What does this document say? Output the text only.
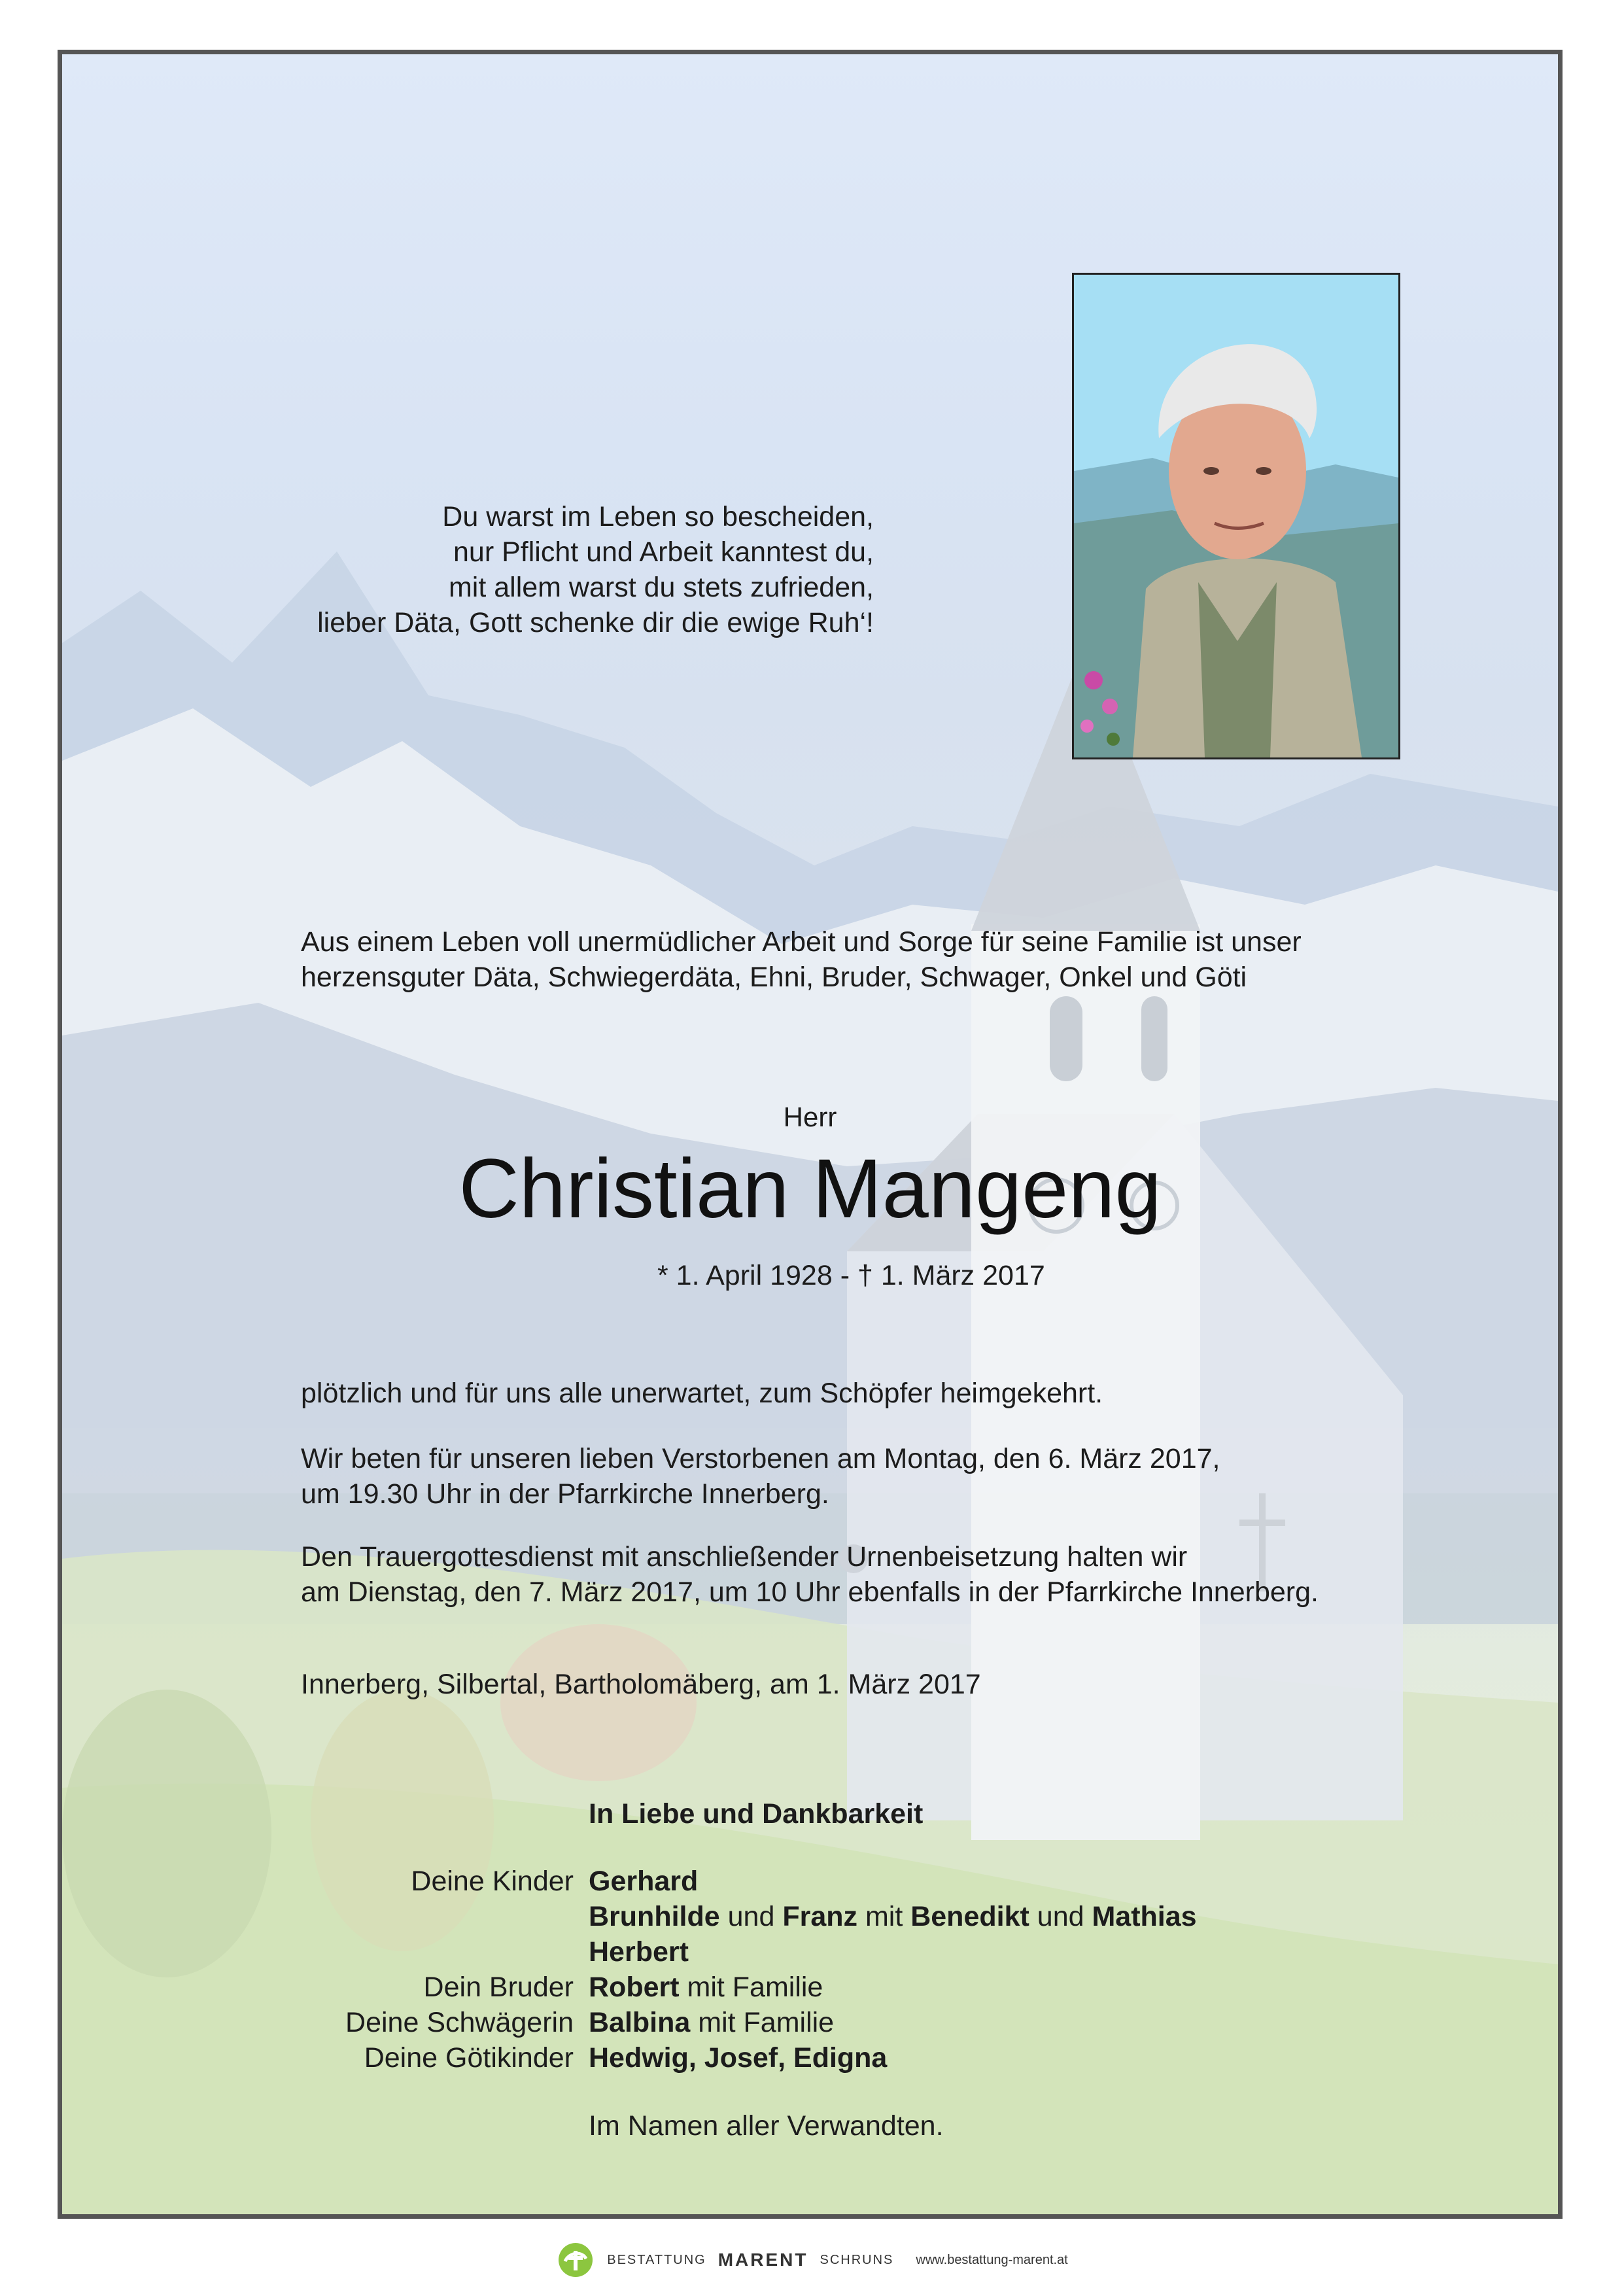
Du warst im Leben so bescheiden,
nur Pflicht und Arbeit kanntest du,
mit allem warst du stets zufrieden,
lieber Däta, Gott schenke dir die ewige Ruh‘!
Aus einem Leben voll unermüdlicher Arbeit und Sorge für seine Familie ist unser
herzensguter Däta, Schwiegerdäta, Ehni, Bruder, Schwager, Onkel und Göti
Herr
Christian Mangeng
* 1. April 1928 - † 1. März 2017
plötzlich und für uns alle unerwartet, zum Schöpfer heimgekehrt.
Wir beten für unseren lieben Verstorbenen am Montag, den 6. März 2017,
um 19.30 Uhr in der Pfarrkirche Innerberg.
Den Trauergottesdienst mit anschließender Urnenbeisetzung halten wir
am Dienstag, den 7. März 2017, um 10 Uhr ebenfalls in der Pfarrkirche Innerberg.
Innerberg, Silbertal, Bartholomäberg, am 1. März 2017
In Liebe und Dankbarkeit
Deine Kinder
Dein Bruder
Deine Schwägerin
Deine Götikinder
Gerhard
Brunhilde und Franz mit Benedikt und Mathias
Herbert
Robert mit Familie
Balbina mit Familie
Hedwig, Josef, Edigna
Im Namen aller Verwandten.
BESTATTUNG MARENT SCHRUNS www.bestattung-marent.at
